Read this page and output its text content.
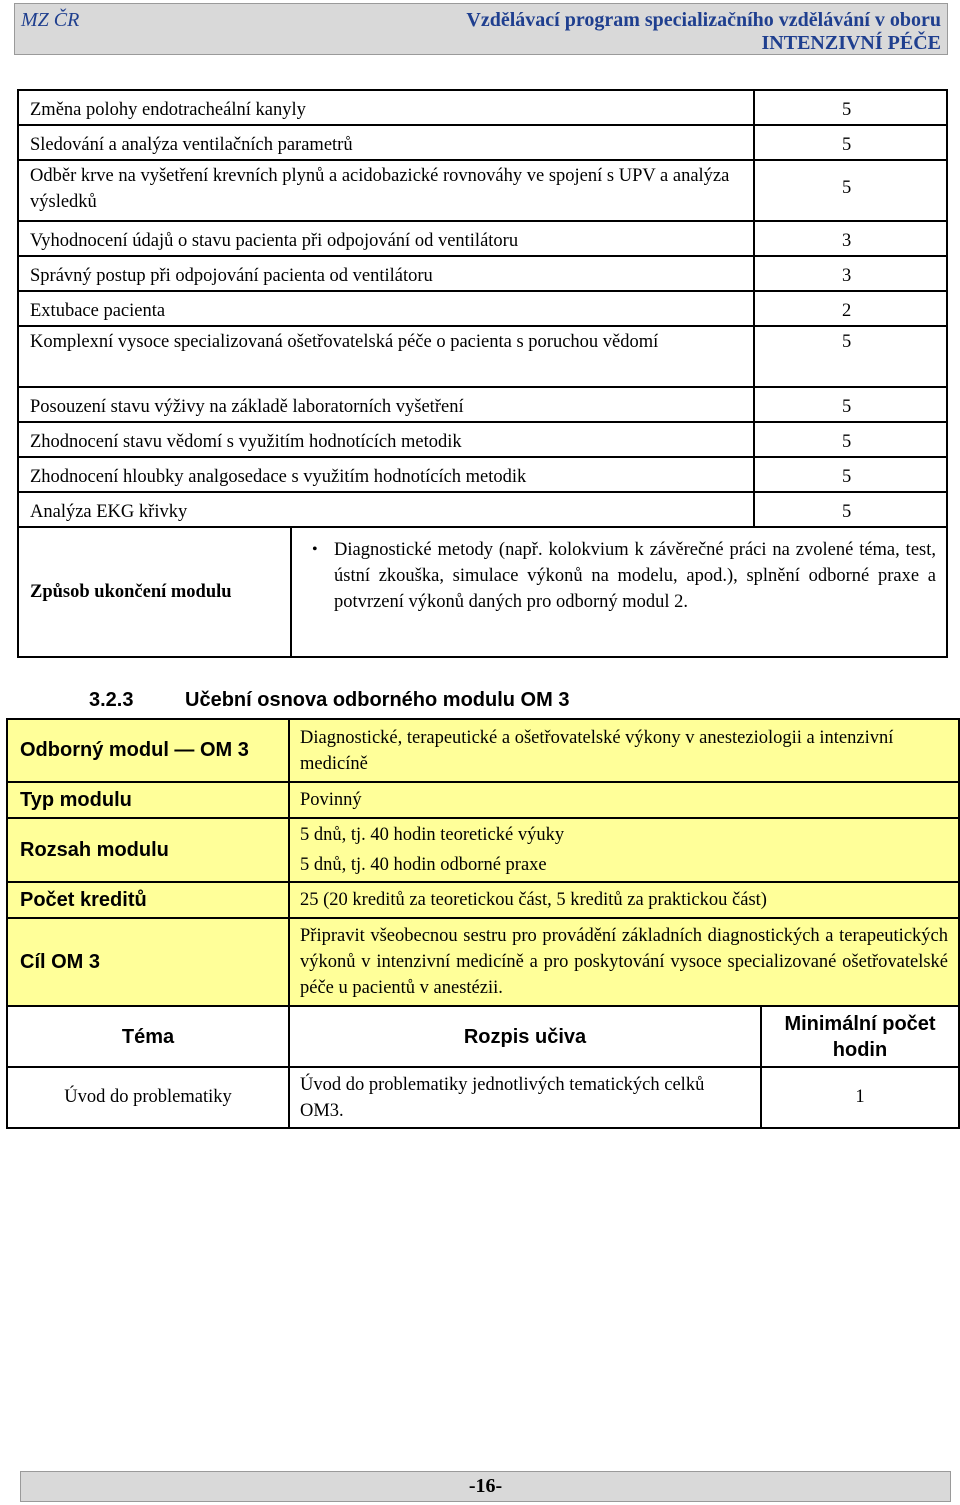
MZ ČR	Vzdělávací program specializačního vzdělávání v oboru
INTENZIVNÍ PÉČE
Změna polohy endotracheální kanyly		5
Sledování a analýza ventilačních parametrů		5
Odběr krve na vyšetření krevních plynů a acidobazické rovnováhy ve spojení s UPV a analýza výsledků		5
Vyhodnocení údajů o stavu pacienta při odpojování od ventilátoru		3
Správný postup při odpojování pacienta od ventilátoru		3
Extubace pacienta		2
Komplexní vysoce specializovaná ošetřovatelská péče o pacienta s poruchou vědomí		5
Posouzení stavu výživy na základě laboratorních vyšetření		5
Zhodnocení stavu vědomí s využitím hodnotících metodik		5
Zhodnocení hloubky analgosedace s využitím hodnotících metodik		5
Analýza EKG křivky		5
Způsob ukončení modulu	• Diagnostické metody (např. kolokvium k závěrečné práci na zvolené téma, test, ústní zkouška, simulace výkonů na modelu, apod.), splnění odborné praxe a potvrzení výkonů daných pro odborný modul 2.	
3.2.3	Učební osnova odborného modulu OM 3
Odborný modul — OM 3	Diagnostické, terapeutické a ošetřovatelské výkony v anesteziologii a intenzivní medicíně
Typ modulu	Povinný
Rozsah modulu	5 dnů, tj. 40 hodin teoretické výuky
5 dnů, tj. 40 hodin odborné praxe

Počet kreditů	25 (20 kreditů za teoretickou část, 5 kreditů za praktickou část)
Cíl OM 3	Připravit všeobecnou sestru pro provádění základních diagnostických a terapeutických výkonů v intenzivní medicíně a pro poskytování vysoce specializované ošetřovatelské péče u pacientů v anestézii.
Téma	Rozpis učiva	Minimální počet hodin
Úvod do problematiky	Úvod do problematiky jednotlivých tematických celků OM3.	1
-16-
